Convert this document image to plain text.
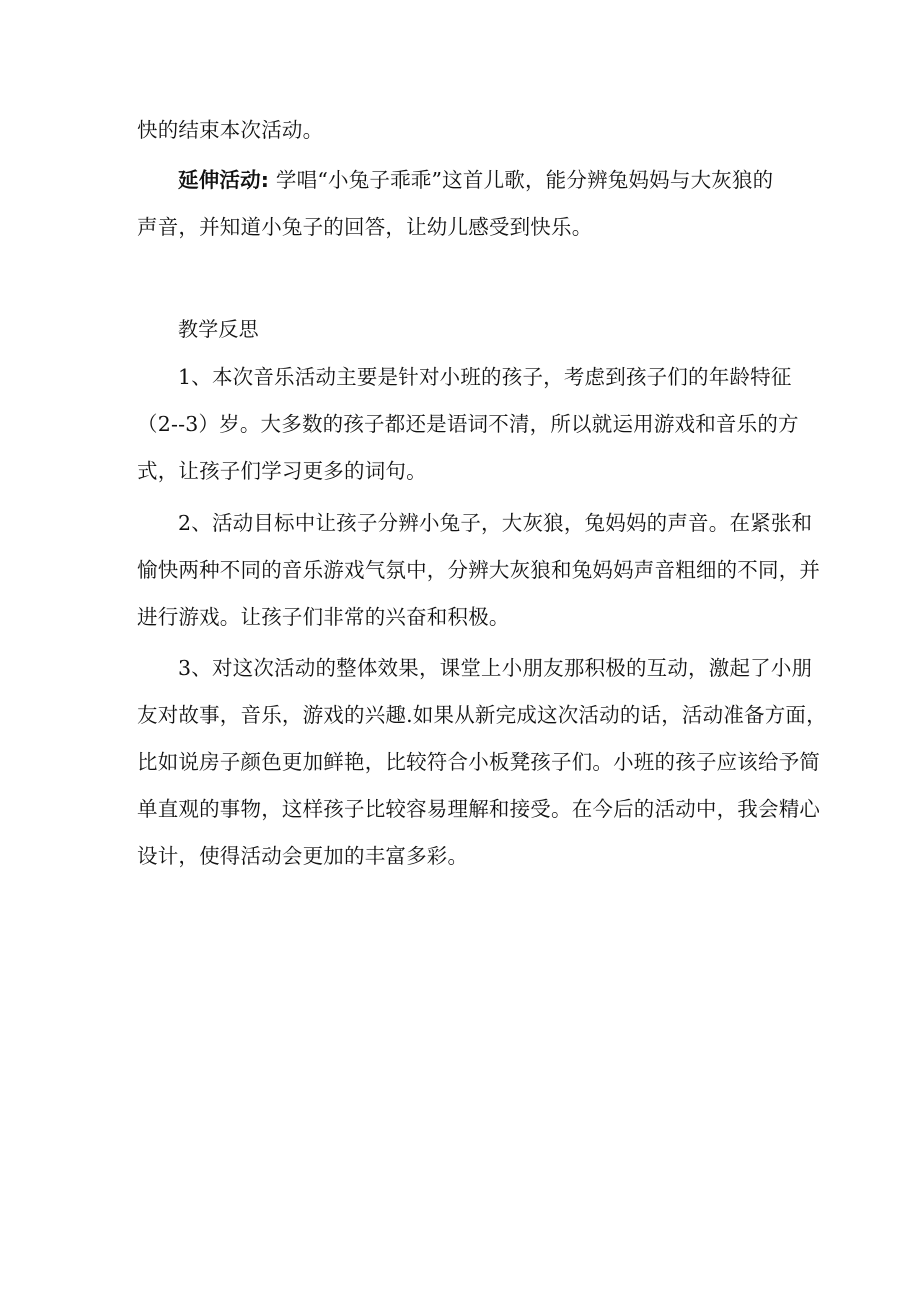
快的结束本次活动。
延伸活动: 学唱“小兔子乖乖”这首儿歌，能分辨兔妈妈与大灰狼的
声音，并知道小兔子的回答，让幼儿感受到快乐。
教学反思
1、本次音乐活动主要是针对小班的孩子，考虑到孩子们的年龄特征
（2--3）岁。大多数的孩子都还是语词不清，所以就运用游戏和音乐的方
式，让孩子们学习更多的词句。
2、活动目标中让孩子分辨小兔子，大灰狼，兔妈妈的声音。在紧张和
愉快两种不同的音乐游戏气氛中，分辨大灰狼和兔妈妈声音粗细的不同，并
进行游戏。让孩子们非常的兴奋和积极。
3、对这次活动的整体效果，课堂上小朋友那积极的互动，激起了小朋
友对故事，音乐，游戏的兴趣.如果从新完成这次活动的话，活动准备方面，
比如说房子颜色更加鲜艳，比较符合小板凳孩子们。小班的孩子应该给予简
单直观的事物，这样孩子比较容易理解和接受。在今后的活动中，我会精心
设计，使得活动会更加的丰富多彩。
